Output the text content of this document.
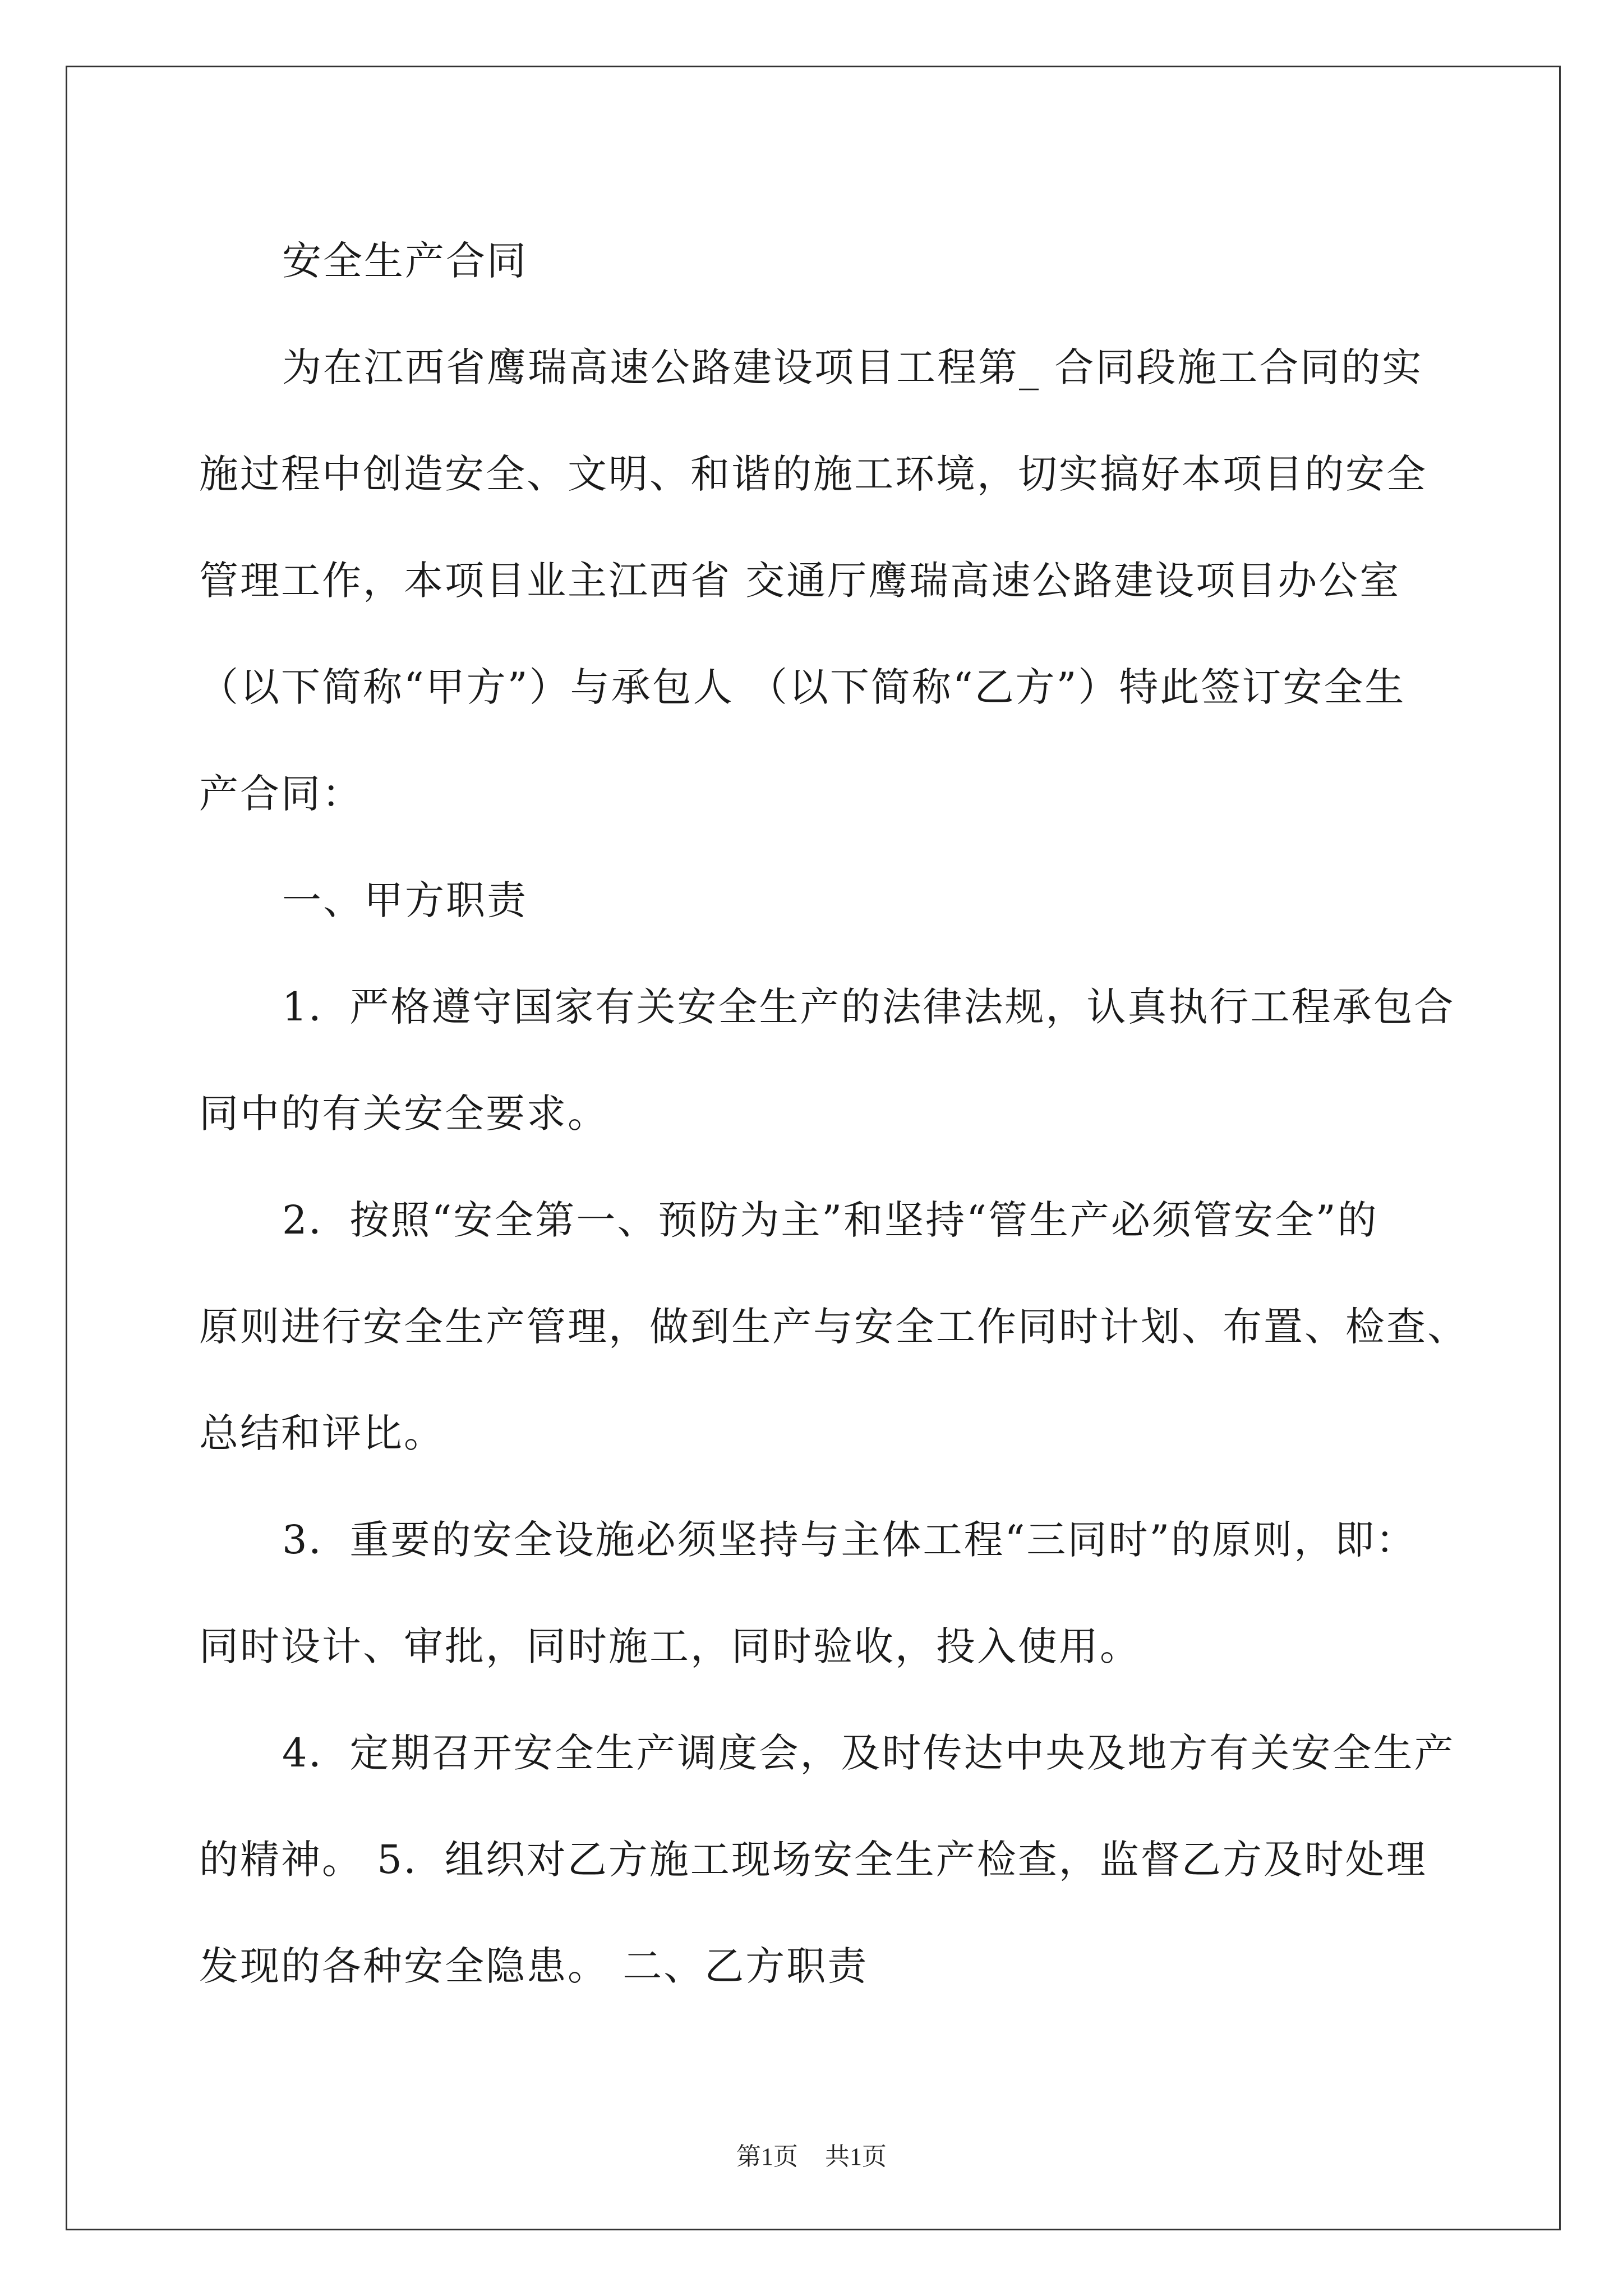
安全生产合同
为在江西省鹰瑞高速公路建设项目工程第_ 合同段施工合同的实
施过程中创造安全、文明、和谐的施工环境，切实搞好本项目的安全
管理工作，本项目业主江西省 交通厅鹰瑞高速公路建设项目办公室
（以下简称“甲方”）与承包人 （以下简称“乙方”）特此签订安全生
产合同：
一、甲方职责
1．严格遵守国家有关安全生产的法律法规，认真执行工程承包合
同中的有关安全要求。
2．按照“安全第一、预防为主”和坚持“管生产必须管安全”的
原则进行安全生产管理，做到生产与安全工作同时计划、布置、检查、
总结和评比。
3．重要的安全设施必须坚持与主体工程“三同时”的原则，即：
同时设计、审批，同时施工，同时验收，投入使用。
4．定期召开安全生产调度会，及时传达中央及地方有关安全生产
的精神。 5．组织对乙方施工现场安全生产检查，监督乙方及时处理
发现的各种安全隐患。 二、乙方职责
第1页 共1页
